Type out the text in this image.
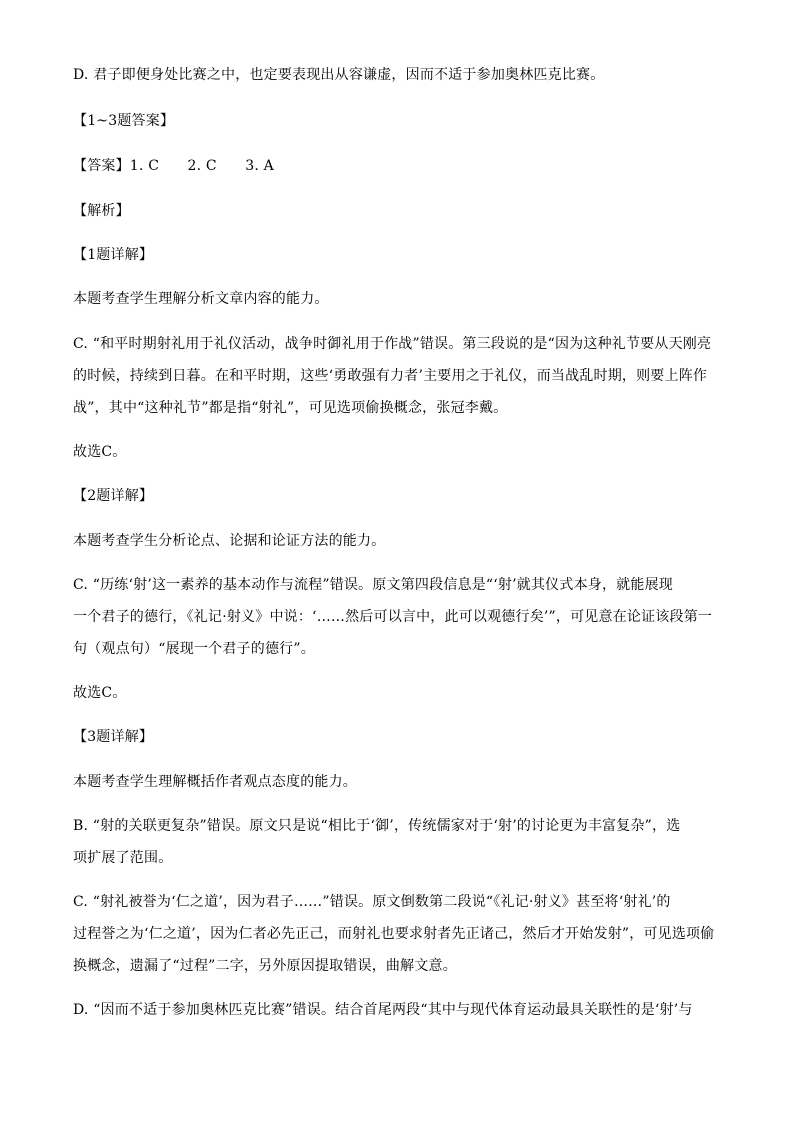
D. 君子即便身处比赛之中，也定要表现出从容谦虚，因而不适于参加奥林匹克比赛。
【1~3题答案】
【答案】1. C　　2. C　　3. A
【解析】
【1题详解】
本题考查学生理解分析文章内容的能力。
C. “和平时期射礼用于礼仪活动，战争时御礼用于作战”错误。第三段说的是“因为这种礼节要从天刚亮
的时候，持续到日暮。在和平时期，这些‘勇敢强有力者’主要用之于礼仪，而当战乱时期，则要上阵作
战”，其中“这种礼节”都是指“射礼”，可见选项偷换概念，张冠李戴。
故选C。
【2题详解】
本题考查学生分析论点、论据和论证方法的能力。
C. “历练‘射’这一素养的基本动作与流程”错误。原文第四段信息是“‘射’就其仪式本身，就能展现
一个君子的德行，《礼记·射义》中说：‘……然后可以言中，此可以观德行矣’”，可见意在论证该段第一
句（观点句）“展现一个君子的德行”。
故选C。
【3题详解】
本题考查学生理解概括作者观点态度的能力。
B. “射的关联更复杂”错误。原文只是说“相比于‘御’，传统儒家对于‘射’的讨论更为丰富复杂”，选
项扩展了范围。
C. “射礼被誉为‘仁之道’，因为君子……”错误。原文倒数第二段说“《礼记·射义》甚至将‘射礼’的
过程誉之为‘仁之道’，因为仁者必先正己，而射礼也要求射者先正诸己，然后才开始发射”，可见选项偷
换概念，遗漏了“过程”二字，另外原因提取错误，曲解文意。
D. “因而不适于参加奥林匹克比赛”错误。结合首尾两段“其中与现代体育运动最具关联性的是‘射’与
